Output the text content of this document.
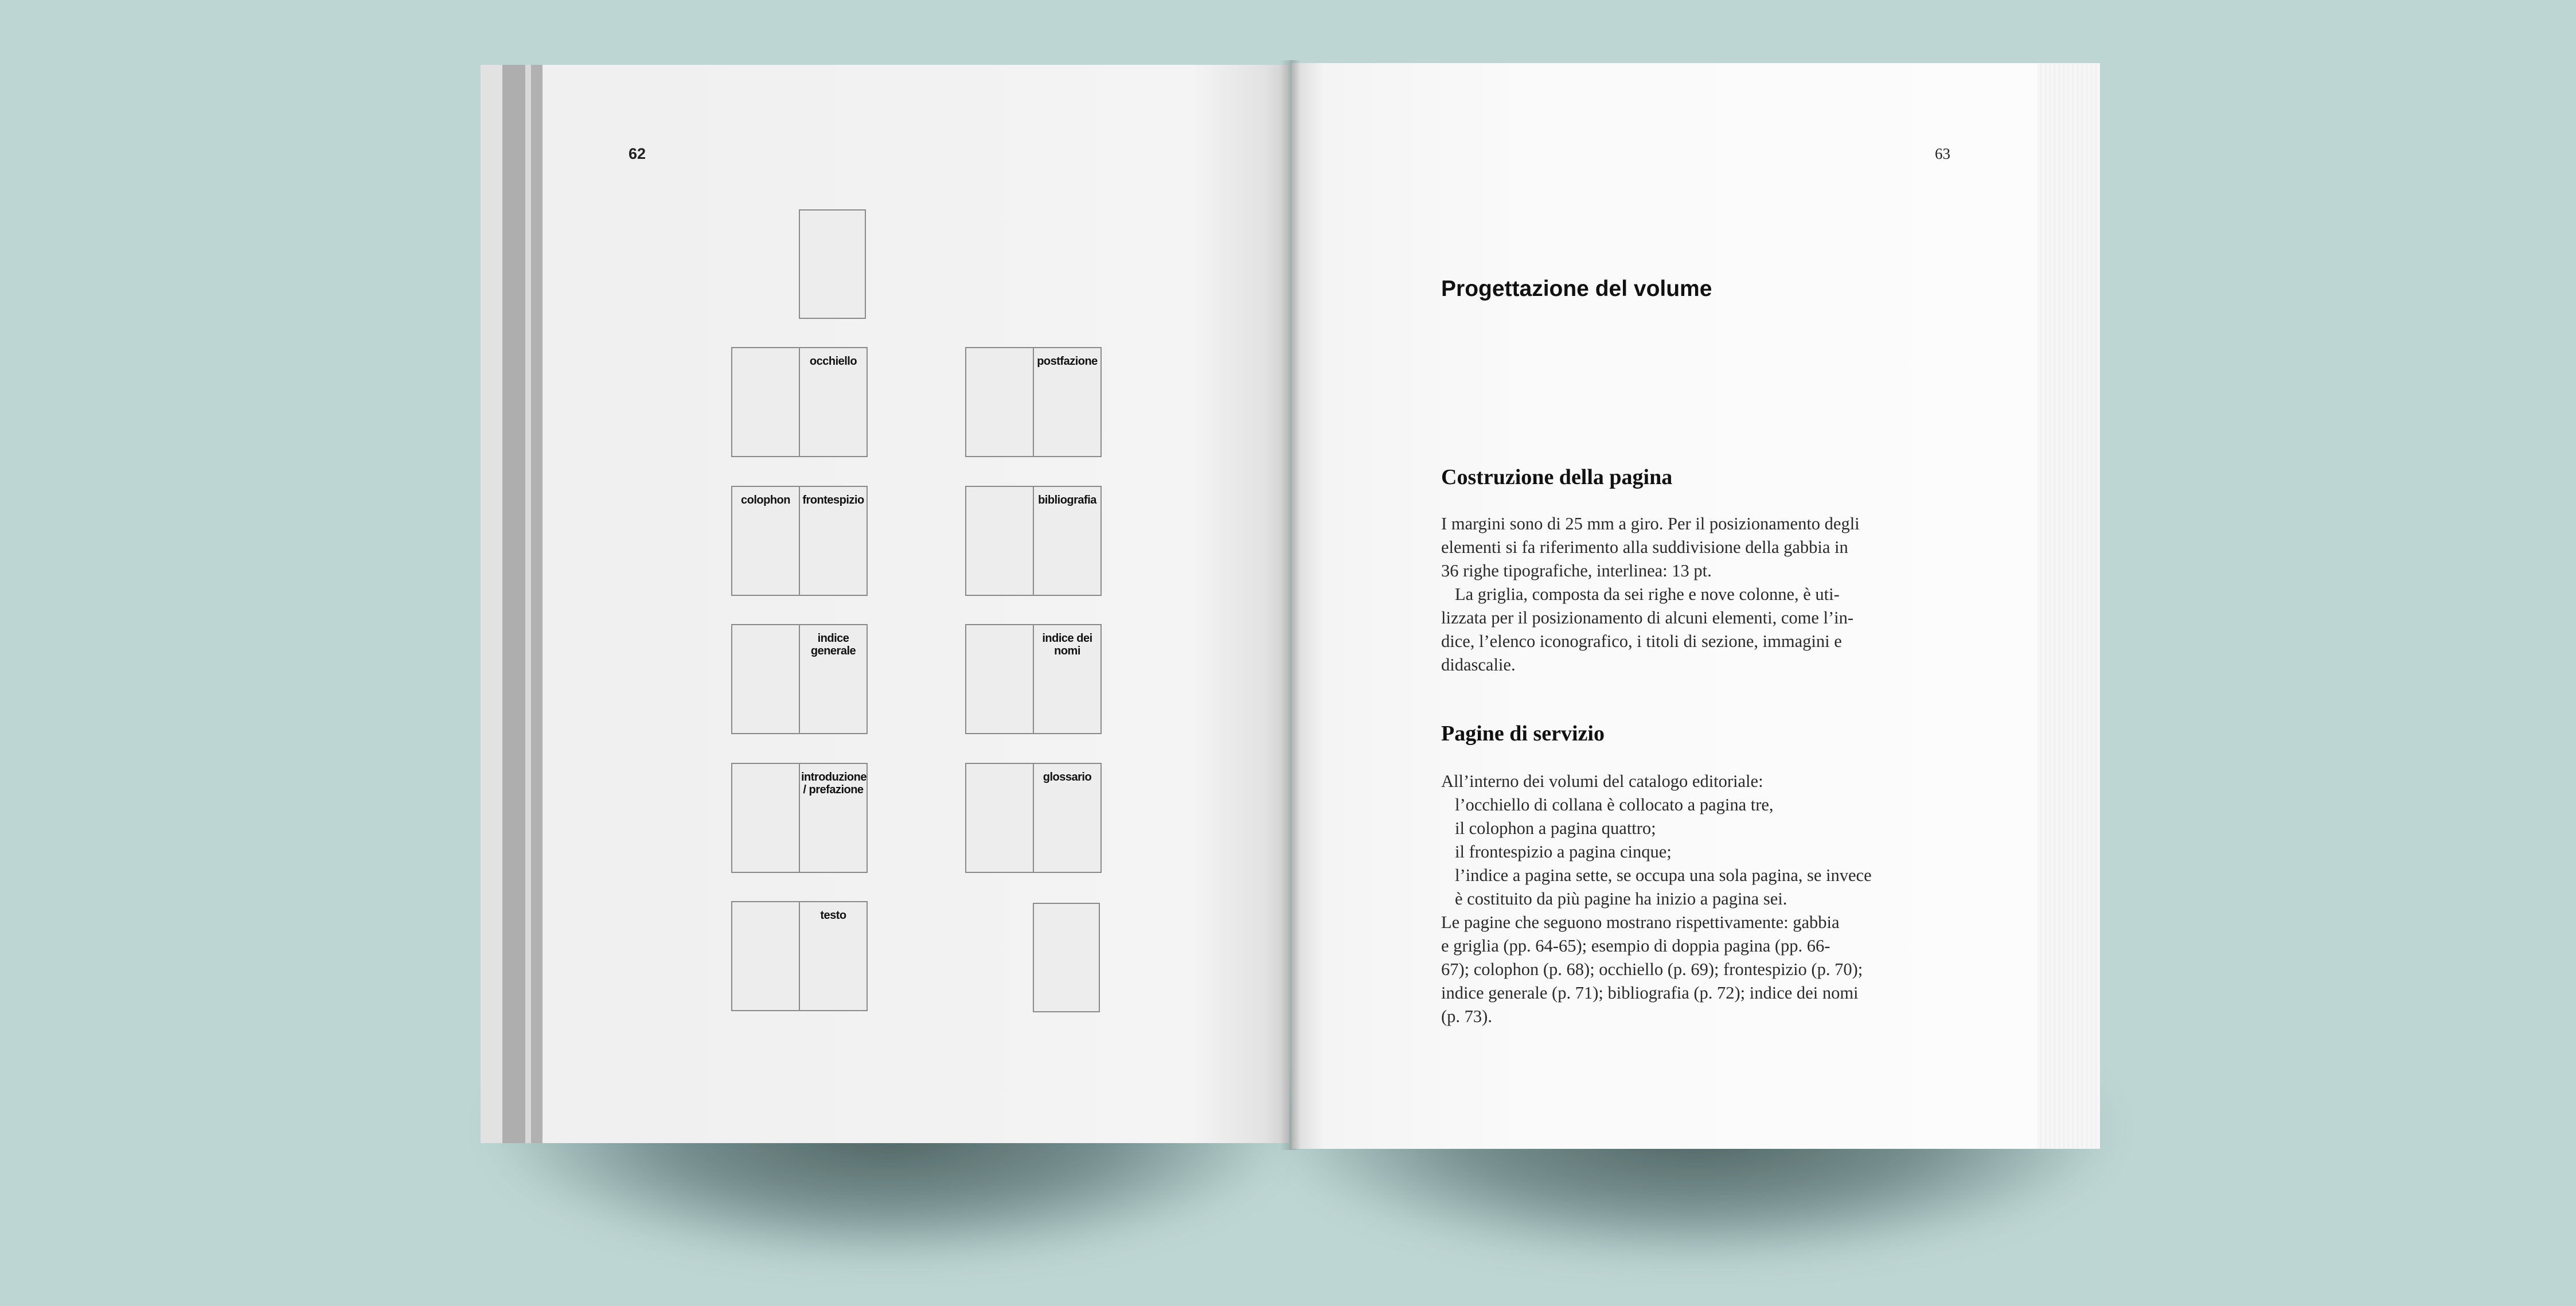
62	63
occhiello
colophon	frontespizio
indice generale
introduzione / prefazione
testo
postfazione
bibliografia
indice dei nomi
glossario
Progettazione del volume
Costruzione della pagina
I margini sono di 25 mm a giro. Per il posizionamento degli
elementi si fa riferimento alla suddivisione della gabbia in
36 righe tipografiche, interlinea: 13 pt.
La griglia, composta da sei righe e nove colonne, è uti-
lizzata per il posizionamento di alcuni elementi, come l’in-
dice, l’elenco iconografico, i titoli di sezione, immagini e
didascalie.
Pagine di servizio
All’interno dei volumi del catalogo editoriale:
l’occhiello di collana è collocato a pagina tre,
il colophon a pagina quattro;
il frontespizio a pagina cinque;
l’indice a pagina sette, se occupa una sola pagina, se invece
è costituito da più pagine ha inizio a pagina sei.
Le pagine che seguono mostrano rispettivamente: gabbia
e griglia (pp. 64-65); esempio di doppia pagina (pp. 66-
67); colophon (p. 68); occhiello (p. 69); frontespizio (p. 70);
indice generale (p. 71); bibliografia (p. 72); indice dei nomi
(p. 73).
